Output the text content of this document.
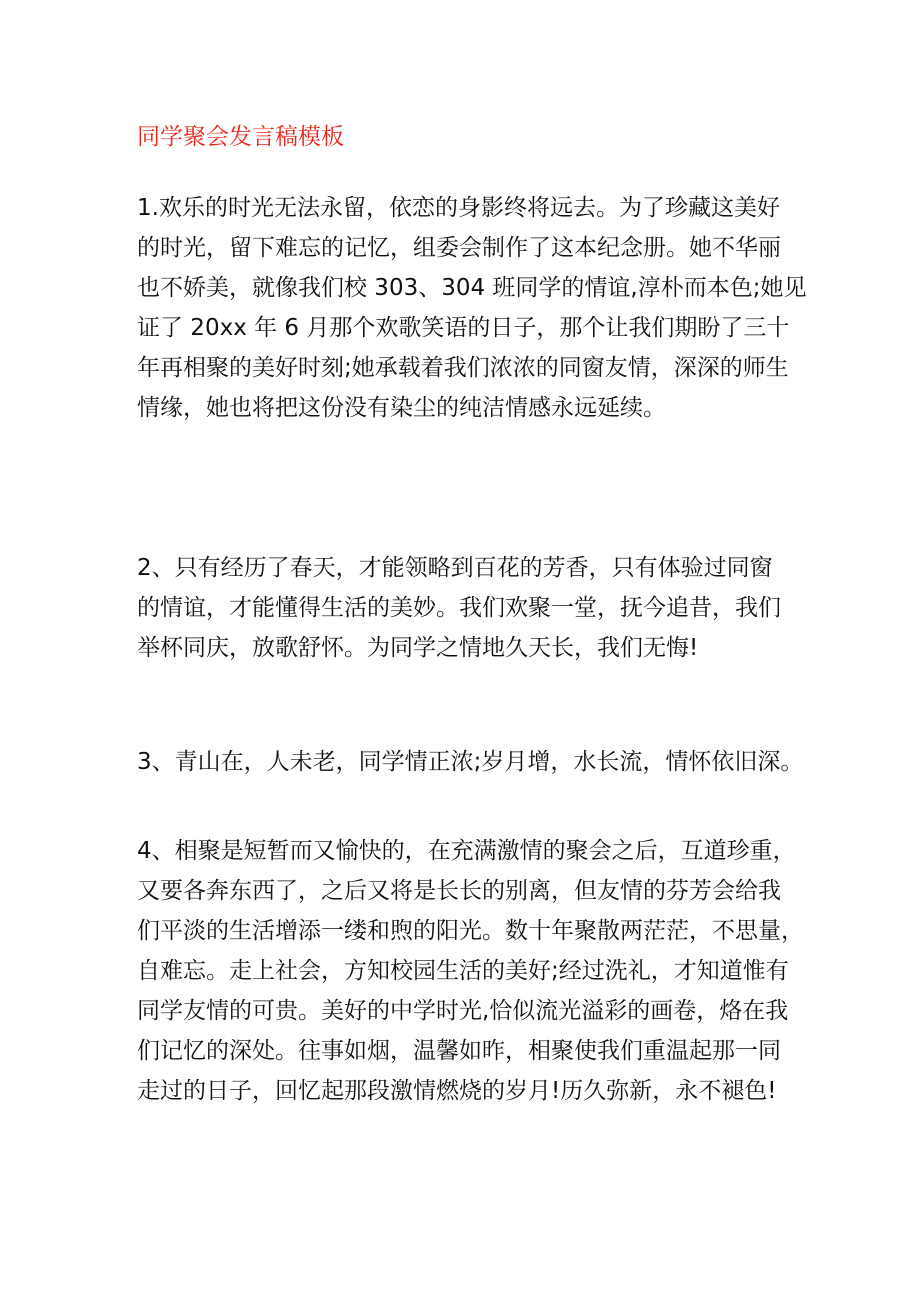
同学聚会发言稿模板
1.欢乐的时光无法永留，依恋的身影终将远去。为了珍藏这美好
的时光，留下难忘的记忆，组委会制作了这本纪念册。她不华丽
也不娇美，就像我们校 303、304 班同学的情谊,淳朴而本色;她见
证了 20xx 年 6 月那个欢歌笑语的日子，那个让我们期盼了三十
年再相聚的美好时刻;她承载着我们浓浓的同窗友情，深深的师生
情缘，她也将把这份没有染尘的纯洁情感永远延续。
2、只有经历了春天，才能领略到百花的芳香，只有体验过同窗
的情谊，才能懂得生活的美妙。我们欢聚一堂，抚今追昔，我们
举杯同庆，放歌舒怀。为同学之情地久天长，我们无悔!
3、青山在，人未老，同学情正浓;岁月增，水长流，情怀依旧深。
4、相聚是短暂而又愉快的，在充满激情的聚会之后，互道珍重，
又要各奔东西了，之后又将是长长的别离，但友情的芬芳会给我
们平淡的生活增添一缕和煦的阳光。数十年聚散两茫茫，不思量，
自难忘。走上社会，方知校园生活的美好;经过洗礼，才知道惟有
同学友情的可贵。美好的中学时光,恰似流光溢彩的画卷，烙在我
们记忆的深处。往事如烟，温馨如昨，相聚使我们重温起那一同
走过的日子，回忆起那段激情燃烧的岁月!历久弥新，永不褪色!
